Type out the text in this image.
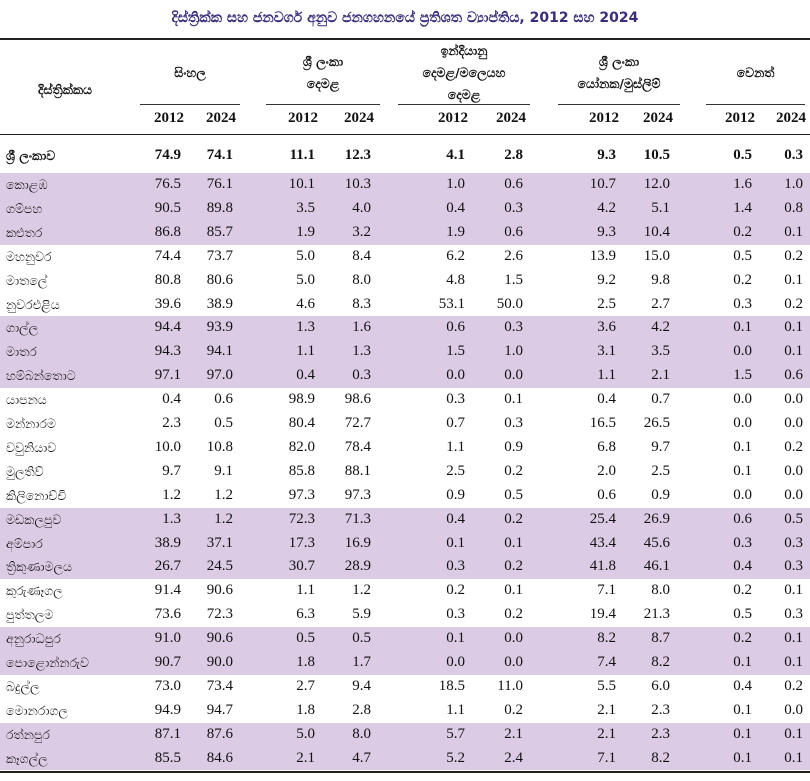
දිස්ත්‍රික්ක සහ ජනවර්ග අනුව ජනගහනයේ ප්‍රතිශත ව්‍යාප්තිය, 2012 සහ 2024
දිස්ත්‍රික්කය
සිංහල
2012	2024
ශ්‍රී ලංකා
දෙමළ
2012	2024
ඉන්දියානු
දෙමළ/මලෙයහ
දෙමළ
2012	2024
ශ්‍රී ලංකා
යෝනක/මුස්ලිම්
2012	2024
වෙනත්
2012	2024
ශ්‍රී ලංකාව	74.9	74.1	11.1	12.3	4.1	2.8	9.3	10.5	0.5	0.3
කොළඹ	76.5	76.1	10.1	10.3	1.0	0.6	10.7	12.0	1.6	1.0
ගම්පහ	90.5	89.8	3.5	4.0	0.4	0.3	4.2	5.1	1.4	0.8
කළුතර	86.8	85.7	1.9	3.2	1.9	0.6	9.3	10.4	0.2	0.1
මහනුවර	74.4	73.7	5.0	8.4	6.2	2.6	13.9	15.0	0.5	0.2
මාතලේ	80.8	80.6	5.0	8.0	4.8	1.5	9.2	9.8	0.2	0.1
නුවරඑළිය	39.6	38.9	4.6	8.3	53.1	50.0	2.5	2.7	0.3	0.2
ගාල්ල	94.4	93.9	1.3	1.6	0.6	0.3	3.6	4.2	0.1	0.1
මාතර	94.3	94.1	1.1	1.3	1.5	1.0	3.1	3.5	0.0	0.1
හම්බන්තොට	97.1	97.0	0.4	0.3	0.0	0.0	1.1	2.1	1.5	0.6
යාපනය	0.4	0.6	98.9	98.6	0.3	0.1	0.4	0.7	0.0	0.0
මන්නාරම	2.3	0.5	80.4	72.7	0.7	0.3	16.5	26.5	0.0	0.0
වවුනියාව	10.0	10.8	82.0	78.4	1.1	0.9	6.8	9.7	0.1	0.2
මුලතිව්	9.7	9.1	85.8	88.1	2.5	0.2	2.0	2.5	0.1	0.0
කිලිනොච්චි	1.2	1.2	97.3	97.3	0.9	0.5	0.6	0.9	0.0	0.0
මඩකලපුව	1.3	1.2	72.3	71.3	0.4	0.2	25.4	26.9	0.6	0.5
අම්පාර	38.9	37.1	17.3	16.9	0.1	0.1	43.4	45.6	0.3	0.3
ත්‍රිකුණාමලය	26.7	24.5	30.7	28.9	0.3	0.2	41.8	46.1	0.4	0.3
කුරුණෑගල	91.4	90.6	1.1	1.2	0.2	0.1	7.1	8.0	0.2	0.1
පුත්තලම	73.6	72.3	6.3	5.9	0.3	0.2	19.4	21.3	0.5	0.3
අනුරාධපුර	91.0	90.6	0.5	0.5	0.1	0.0	8.2	8.7	0.2	0.1
පොළොන්නරුව	90.7	90.0	1.8	1.7	0.0	0.0	7.4	8.2	0.1	0.1
බදුල්ල	73.0	73.4	2.7	9.4	18.5	11.0	5.5	6.0	0.4	0.2
මොනරාගල	94.9	94.7	1.8	2.8	1.1	0.2	2.1	2.3	0.1	0.0
රත්නපුර	87.1	87.6	5.0	8.0	5.7	2.1	2.1	2.3	0.1	0.1
කෑගල්ල	85.5	84.6	2.1	4.7	5.2	2.4	7.1	8.2	0.1	0.1
